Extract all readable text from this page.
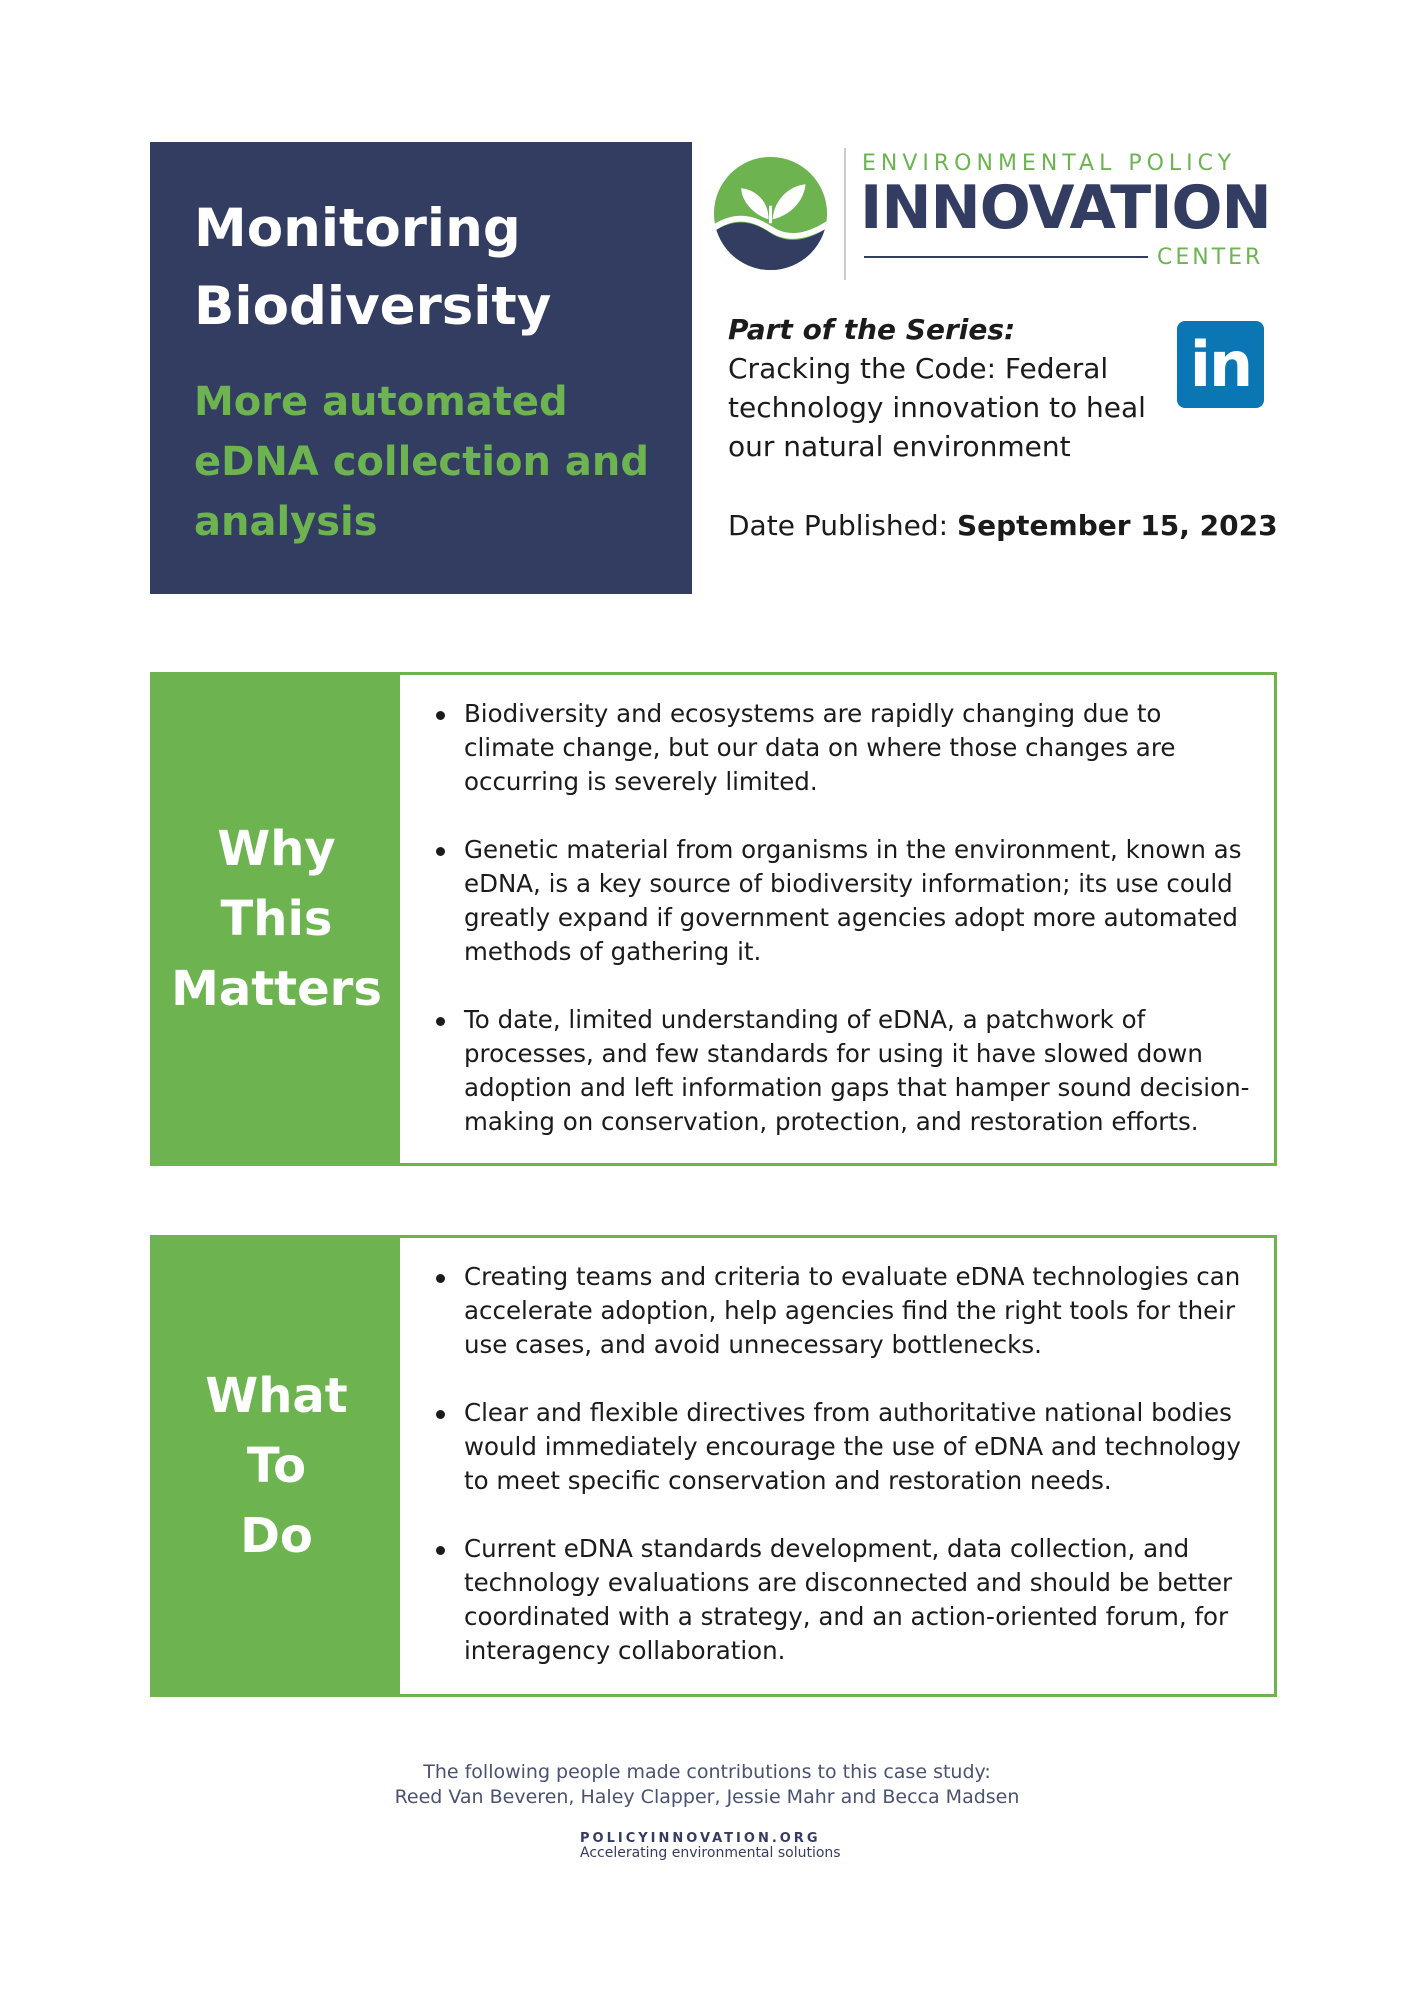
Monitoring Biodiversity
More automated eDNA collection and analysis
ENVIRONMENTAL POLICY
INNOVATION
CENTER

Part of the Series:

Cracking the Code: Federal technology innovation to heal our natural environment

in
Date Published: September 15, 2023

Why
This
Matters

Biodiversity and ecosystems are rapidly changing due to climate change, but our data on where those changes are occurring is severely limited.
Genetic material from organisms in the environment, known as eDNA, is a key source of biodiversity information; its use could greatly expand if government agencies adopt more automated methods of gathering it.
To date, limited understanding of eDNA, a patchwork of processes, and few standards for using it have slowed down adoption and left information gaps that hamper sound decision-making on conservation, protection, and restoration efforts.

What
To
Do

Creating teams and criteria to evaluate eDNA technologies can accelerate adoption, help agencies find the right tools for their use cases, and avoid unnecessary bottlenecks.
Clear and flexible directives from authoritative national bodies would immediately encourage the use of eDNA and technology to meet specific conservation and restoration needs.
Current eDNA standards development, data collection, and technology evaluations are disconnected and should be better coordinated with a strategy, and an action-oriented forum, for interagency collaboration.

The following people made contributions to this case study:

Reed Van Beveren, Haley Clapper, Jessie Mahr and Becca Madsen

POLICYINNOVATION.ORG
Accelerating environmental solutions
